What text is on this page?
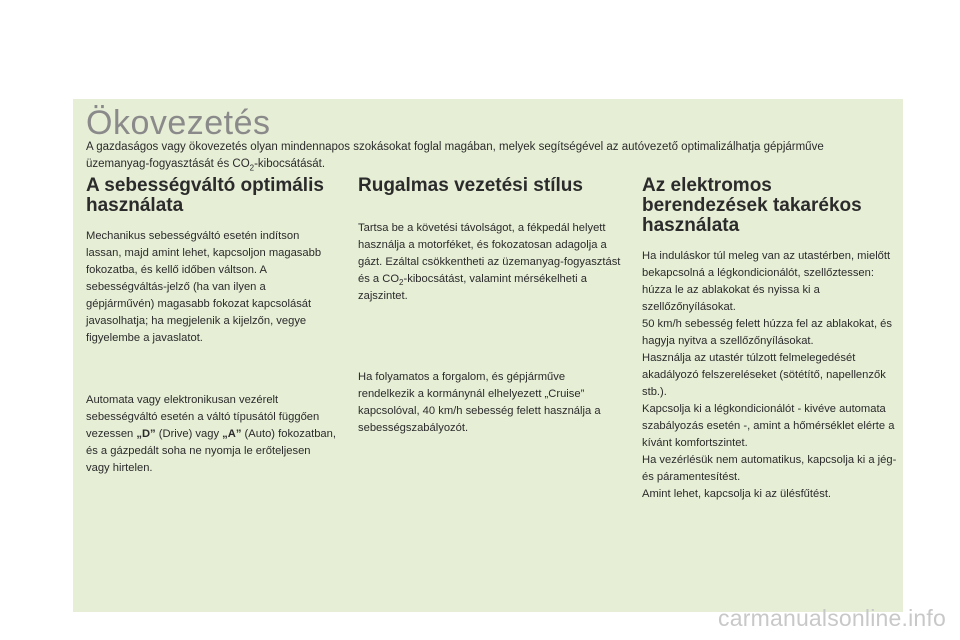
Ökovezetés

A gazdaságos vagy ökovezetés olyan mindennapos szokásokat foglal magában, melyek segítségével az autóvezető optimalizálhatja gépjárműve üzemanyag-fogyasztását és $CO_2$-kibocsátását.

A sebességváltó optimális használata

Mechanikus sebességváltó esetén indítson lassan, majd amint lehet, kapcsoljon magasabb fokozatba, és kellő időben váltson. A sebességváltás-jelző (ha van ilyen a gépjárművén) magasabb fokozat kapcsolását javasolhatja; ha megjelenik a kijelzőn, vegye figyelembe a javaslatot.

Automata vagy elektronikusan vezérelt sebességváltó esetén a váltó típusától függően vezessen „D” (Drive) vagy „A” (Auto) fokozatban, és a gázpedált soha ne nyomja le erőteljesen vagy hirtelen.

Rugalmas vezetési stílus

Tartsa be a követési távolságot, a fékpedál helyett használja a motorféket, és fokozatosan adagolja a gázt. Ezáltal csökkentheti az üzemanyag-fogyasztást és a $CO_2$-kibocsátást, valamint mérsékelheti a zajszintet.

Ha folyamatos a forgalom, és gépjárműve rendelkezik a kormánynál elhelyezett „Cruise” kapcsolóval, 40 km/h sebesség felett használja a sebességszabályozót.

Az elektromos berendezések takarékos használata

Ha induláskor túl meleg van az utastérben, mielőtt bekapcsolná a légkondicionálót, szellőztessen: húzza le az ablakokat és nyissa ki a szellőzőnyílásokat.

50 km/h sebesség felett húzza fel az ablakokat, és hagyja nyitva a szellőzőnyílásokat.

Használja az utastér túlzott felmelegedését akadályozó felszereléseket (sötétítő, napellenzők stb.).

Kapcsolja ki a légkondicionálót - kivéve automata szabályozás esetén -, amint a hőmérséklet elérte a kívánt komfortszintet.

Ha vezérlésük nem automatikus, kapcsolja ki a jég- és páramentesítést.

Amint lehet, kapcsolja ki az ülésfűtést.

carmanualsonline.info
